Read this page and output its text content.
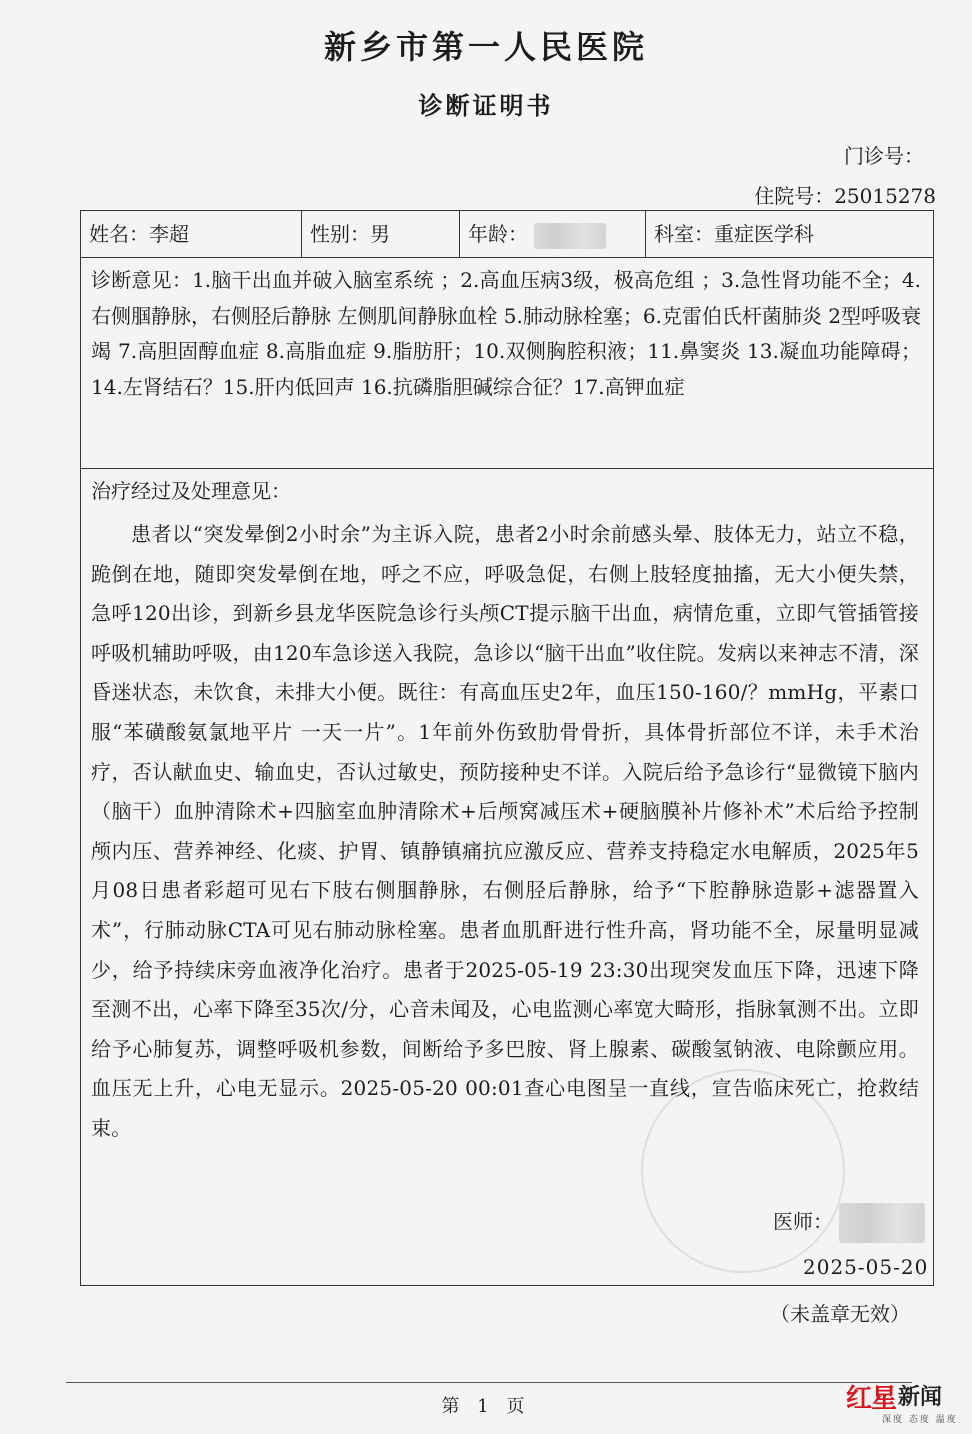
新乡市第一人民医院
诊断证明书
门诊号：
住院号：25015278
姓名：李超	性别：男	年龄：	科室：重症医学科
诊断意见：1.脑干出血并破入脑室系统 ；2.高血压病3级，极高危组 ；3.急性肾功能不全；4.右侧腘静脉，右侧胫后静脉 左侧肌间静脉血栓 5.肺动脉栓塞；6.克雷伯氏杆菌肺炎 2型呼吸衰竭 7.高胆固醇血症 8.高脂血症 9.脂肪肝；10.双侧胸腔积液；11.鼻窦炎 13.凝血功能障碍；14.左肾结石？15.肝内低回声 16.抗磷脂胆碱综合征？17.高钾血症
治疗经过及处理意见：
患者以“突发晕倒2小时余”为主诉入院，患者2小时余前感头晕、肢体无力，站立不稳，跪倒在地，随即突发晕倒在地，呼之不应，呼吸急促，右侧上肢轻度抽搐，无大小便失禁，急呼120出诊，到新乡县龙华医院急诊行头颅CT提示脑干出血，病情危重，立即气管插管接呼吸机辅助呼吸，由120车急诊送入我院，急诊以“脑干出血”收住院。发病以来神志不清，深昏迷状态，未饮食，未排大小便。既往：有高血压史2年，血压150-160/？mmHg，平素口服“苯磺酸氨氯地平片 一天一片”。1年前外伤致肋骨骨折，具体骨折部位不详，未手术治疗，否认献血史、输血史，否认过敏史，预防接种史不详。入院后给予急诊行“显微镜下脑内（脑干）血肿清除术+四脑室血肿清除术+后颅窝减压术+硬脑膜补片修补术”术后给予控制颅内压、营养神经、化痰、护胃、镇静镇痛抗应激反应、营养支持稳定水电解质，2025年5月08日患者彩超可见右下肢右侧腘静脉，右侧胫后静脉，给予“下腔静脉造影+滤器置入术”，行肺动脉CTA可见右肺动脉栓塞。患者血肌酐进行性升高，肾功能不全，尿量明显减少，给予持续床旁血液净化治疗。患者于2025-05-19 23:30出现突发血压下降，迅速下降至测不出，心率下降至35次/分，心音未闻及，心电监测心率宽大畸形，指脉氧测不出。立即给予心肺复苏，调整呼吸机参数，间断给予多巴胺、肾上腺素、碳酸氢钠液、电除颤应用。血压无上升，心电无显示。2025-05-20 00:01查心电图呈一直线，宣告临床死亡，抢救结束。
医师：
2025-05-20
（未盖章无效）
第 1 页	红星 新闻
深度 态度 温度
